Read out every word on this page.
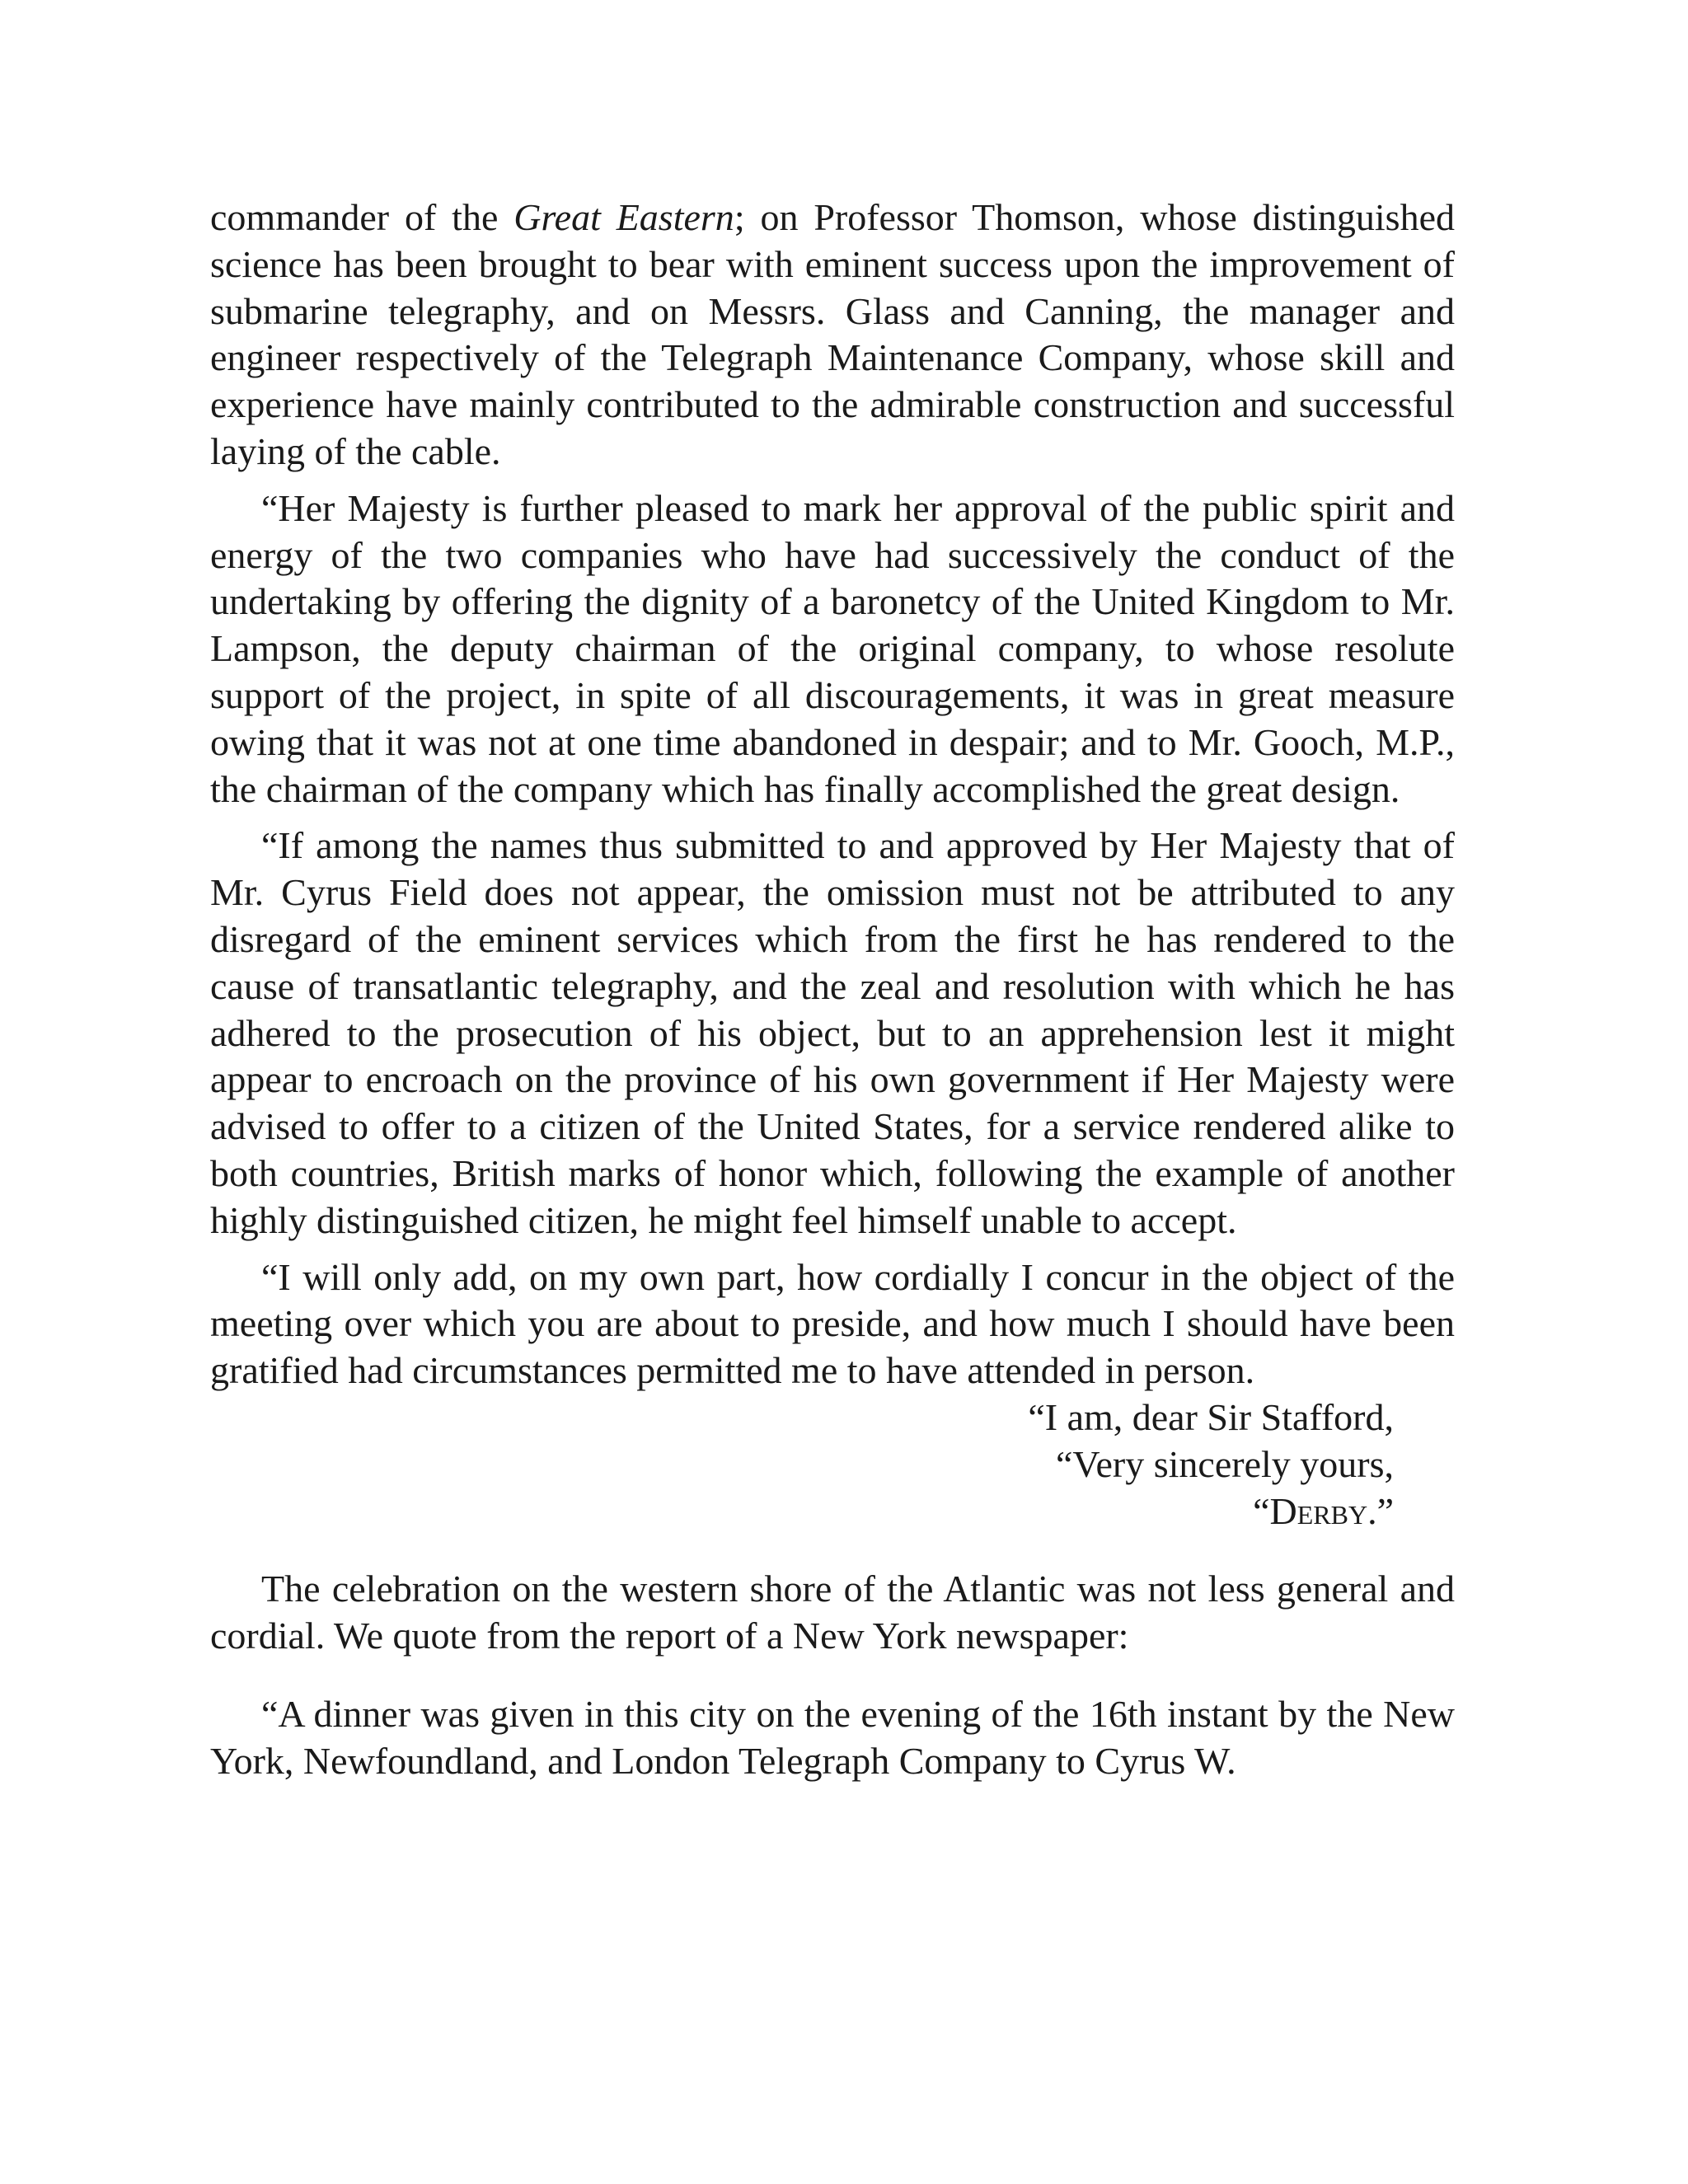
commander of the Great Eastern; on Professor Thomson, whose distinguished science has been brought to bear with eminent success upon the improvement of submarine telegraphy, and on Messrs. Glass and Canning, the manager and engineer respectively of the Telegraph Maintenance Company, whose skill and experience have mainly contributed to the admirable construction and successful laying of the cable.

“Her Majesty is further pleased to mark her approval of the public spirit and energy of the two companies who have had successively the conduct of the undertaking by offering the dignity of a baronetcy of the United Kingdom to Mr. Lampson, the deputy chairman of the original company, to whose resolute support of the project, in spite of all discouragements, it was in great measure owing that it was not at one time abandoned in despair; and to Mr. Gooch, M.P., the chairman of the company which has finally accomplished the great design.

“If among the names thus submitted to and approved by Her Majesty that of Mr. Cyrus Field does not appear, the omission must not be attributed to any disregard of the eminent services which from the first he has rendered to the cause of transatlantic telegraphy, and the zeal and resolution with which he has adhered to the prosecution of his object, but to an apprehension lest it might appear to encroach on the province of his own government if Her Majesty were advised to offer to a citizen of the United States, for a service rendered alike to both countries, British marks of honor which, following the example of another highly distinguished citizen, he might feel himself unable to accept.

“I will only add, on my own part, how cordially I concur in the object of the meeting over which you are about to preside, and how much I should have been gratified had circumstances permitted me to have attended in person.

“I am, dear Sir Stafford,
“Very sincerely yours,
“Derby.”

The celebration on the western shore of the Atlantic was not less general and cordial. We quote from the report of a New York newspaper:

“A dinner was given in this city on the evening of the 16th instant by the New York, Newfoundland, and London Telegraph Company to Cyrus W.
